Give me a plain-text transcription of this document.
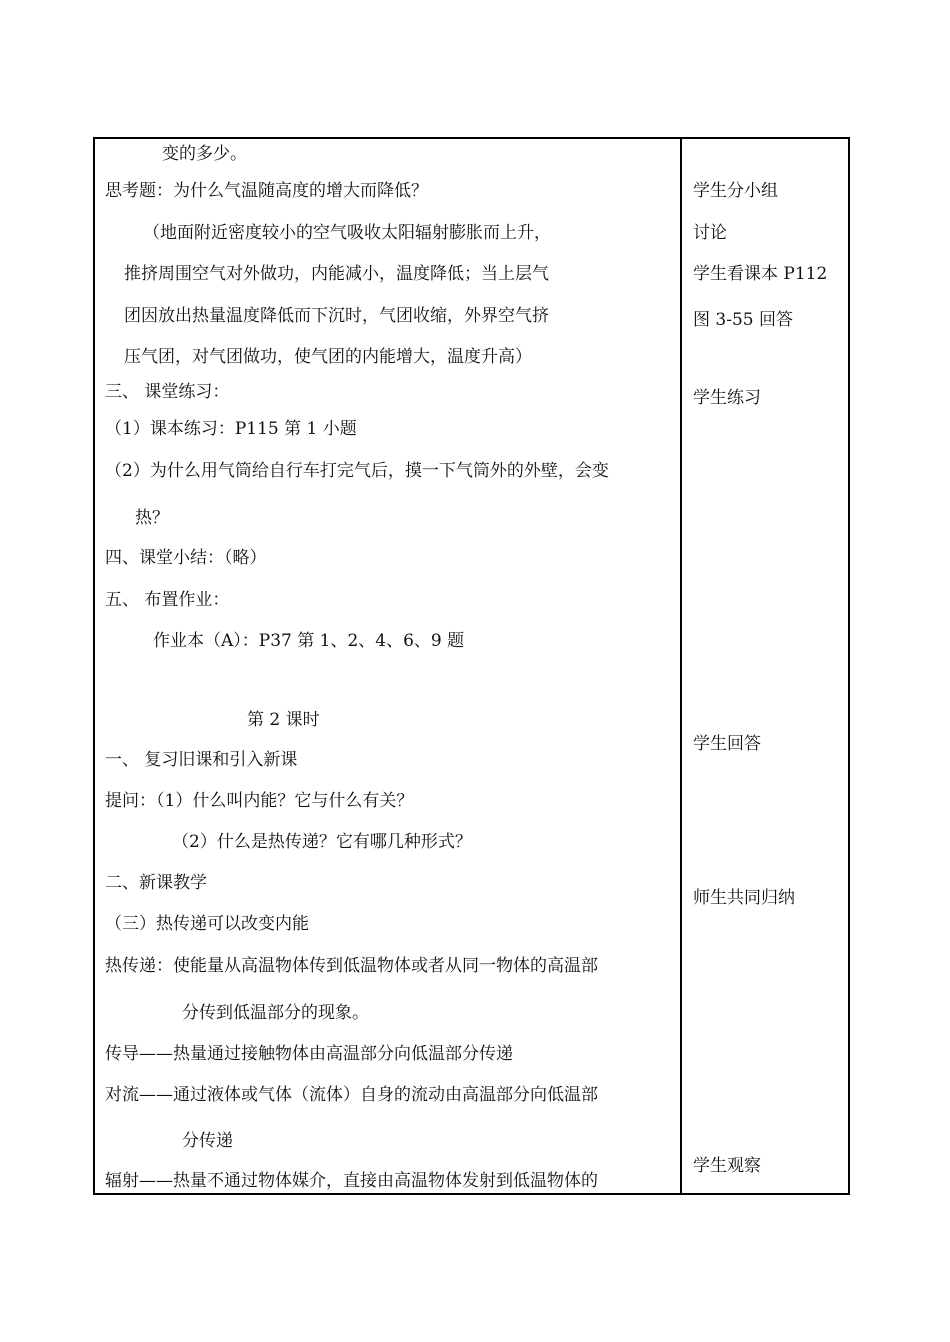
变的多少。
思考题：为什么气温随高度的增大而降低？
（地面附近密度较小的空气吸收太阳辐射膨胀而上升，
推挤周围空气对外做功，内能减小，温度降低；当上层气
团因放出热量温度降低而下沉时，气团收缩，外界空气挤
压气团，对气团做功，使气团的内能增大，温度升高）
三、 课堂练习：
（1）课本练习：P115 第 1 小题
（2）为什么用气筒给自行车打完气后，摸一下气筒外的外壁，会变
热？
四、课堂小结：（略）
五、 布置作业：
作业本（A）：P37 第 1、2、4、6、9 题
第 2 课时
一、 复习旧课和引入新课
提问：（1）什么叫内能？它与什么有关？
（2）什么是热传递？它有哪几种形式？
二、新课教学
（三）热传递可以改变内能
热传递：使能量从高温物体传到低温物体或者从同一物体的高温部
分传到低温部分的现象。
传导——热量通过接触物体由高温部分向低温部分传递
对流——通过液体或气体（流体）自身的流动由高温部分向低温部
分传递
辐射——热量不通过物体媒介，直接由高温物体发射到低温物体的
学生分小组
讨论
学生看课本 P112
图 3-55 回答
学生练习
学生回答
师生共同归纳
学生观察
